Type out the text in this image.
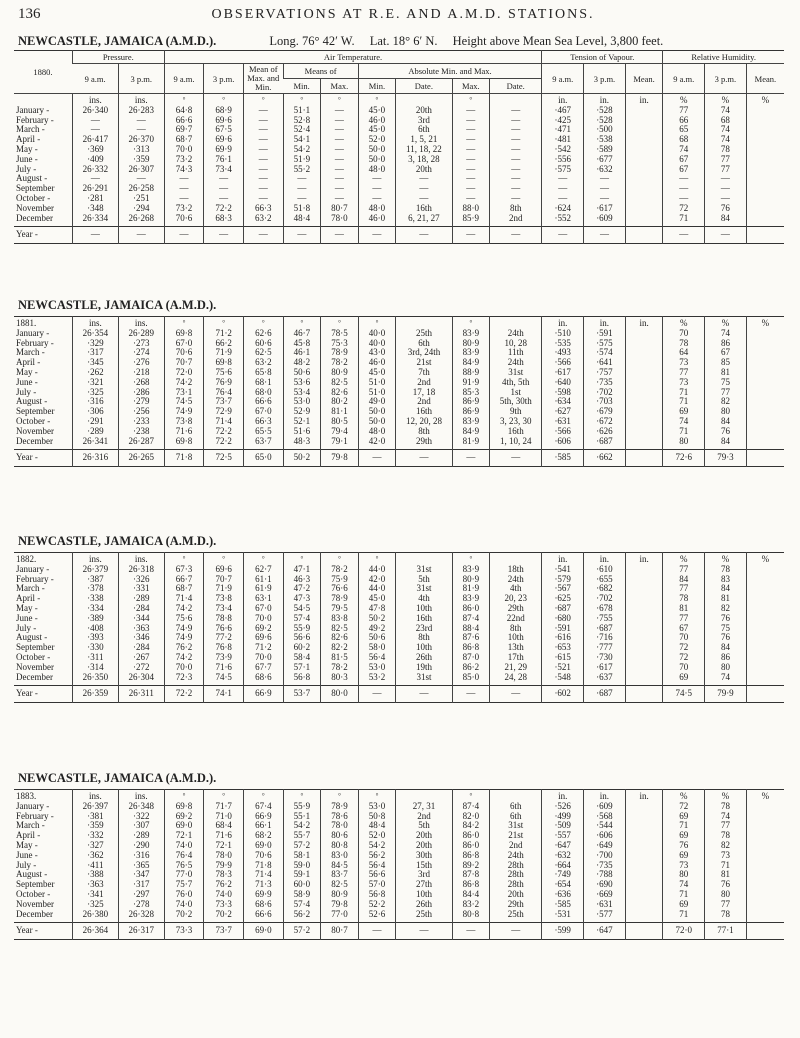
136	OBSERVATIONS AT R.E. AND A.M.D. STATIONS.
NEWCASTLE, JAMAICA (A.M.D.).	Long. 76° 42′ W. Lat. 18° 6′ N. Height above Mean Sea Level, 3,800 feet.
1880.	Pressure.		Air Temperature.									Tension of Vapour.			Relative Humidity.		
	9 a.m.	3 p.m.	9 a.m.	3 p.m.	Mean of Max. and Min.	Means of		Absolute Min. and Max.				9 a.m.	3 p.m.	Mean.	9 a.m.	3 p.m.	Mean.
						Min.	Max.	Min.	Date.	Max.	Date.						
	ins.	ins.	°	°	°	°	°	°		°		in.	in.	in.	%	%	%
January -	26·340	26·283	64·8	68·9	—	51·1	—	45·0	20th	—	—	·467	·528		77	74	
February -	—	—	66·6	69·6	—	52·8	—	46·0	3rd	—	—	·425	·528		66	68	
March -	—	—	69·7	67·5	—	52·4	—	45·0	6th	—	—	·471	·500		65	74	
April -	26·417	26·370	68·7	69·6	—	54·1	—	52·0	1, 5, 21	—	—	·481	·538		68	74	
May -	·369	·313	70·0	69·9	—	54·2	—	50·0	11, 18, 22	—	—	·542	·589		74	78	
June -	·409	·359	73·2	76·1	—	51·9	—	50·0	3, 18, 28	—	—	·556	·677		67	77	
July -	26·332	26·307	74·3	73·4	—	55·2	—	48·0	20th	—	—	·575	·632		67	77	
August -	—	—	—	—	—	—	—	—	—	—	—	—	—		—	—	
September	26·291	26·258	—	—	—	—	—	—	—	—	—	—	—		—	—	
October -	·281	·251	—	—	—	—	—	—	—	—	—	—	—		—	—	
November	·348	·294	73·2	72·2	66·3	51·8	80·7	48·0	16th	88·0	8th	·624	·617		72	76	
December	26·334	26·268	70·6	68·3	63·2	48·4	78·0	46·0	6, 21, 27	85·9	2nd	·552	·609		71	84	
Year -	—	—	—	—	—	—	—	—	—	—	—	—	—		—	—	
NEWCASTLE, JAMAICA (A.M.D.).
1881.	ins.	ins.	°	°	°	°	°	°		°		in.	in.	in.	%	%	%
January -	26·354	26·289	69·8	71·2	62·6	46·7	78·5	40·0	25th	83·9	24th	·510	·591		70	74	
February -	·329	·273	67·0	66·2	60·6	45·8	75·3	40·0	6th	80·9	10, 28	·535	·575		78	86	
March -	·317	·274	70·6	71·9	62·5	46·1	78·9	43·0	3rd, 24th	83·9	11th	·493	·574		64	67	
April -	·345	·276	70·7	69·8	63·2	48·2	78·2	46·0	21st	84·9	24th	·566	·641		73	85	
May -	·262	·218	72·0	75·6	65·8	50·6	80·9	45·0	7th	88·9	31st	·617	·757		77	81	
June -	·321	·268	74·2	76·9	68·1	53·6	82·5	51·0	2nd	91·9	4th, 5th	·640	·735		73	75	
July -	·325	·286	73·1	76·4	68·0	53·4	82·6	51·0	17, 18	85·3	1st	·598	·702		71	77	
August -	·316	·279	74·5	73·7	66·6	53·0	80·2	49·0	2nd	86·9	5th, 30th	·634	·703		71	82	
September	·306	·256	74·9	72·9	67·0	52·9	81·1	50·0	16th	86·9	9th	·627	·679		69	80	
October -	·291	·233	73·8	71·4	66·3	52·1	80·5	50·0	12, 20, 28	83·9	3, 23, 30	·631	·672		74	84	
November	·289	·238	71·6	72·2	65·5	51·6	79·4	48·0	8th	84·9	16th	·566	·626		71	76	
December	26·341	26·287	69·8	72·2	63·7	48·3	79·1	42·0	29th	81·9	1, 10, 24	·606	·687		80	84	
Year -	26·316	26·265	71·8	72·5	65·0	50·2	79·8	—	—	—	—	·585	·662		72·6	79·3	
NEWCASTLE, JAMAICA (A.M.D.).
1882.	ins.	ins.	°	°	°	°	°	°		°		in.	in.	in.	%	%	%
January -	26·379	26·318	67·3	69·6	62·7	47·1	78·2	44·0	31st	83·9	18th	·541	·610		77	78	
February -	·387	·326	66·7	70·7	61·1	46·3	75·9	42·0	5th	80·9	24th	·579	·655		84	83	
March -	·378	·331	68·7	71·9	61·9	47·2	76·6	44·0	31st	81·9	4th	·567	·682		77	84	
April -	·338	·289	71·4	73·8	63·1	47·3	78·9	45·0	4th	83·9	20, 23	·625	·702		78	81	
May -	·334	·284	74·2	73·4	67·0	54·5	79·5	47·8	10th	86·0	29th	·687	·678		81	82	
June -	·389	·344	75·6	78·8	70·0	57·4	83·8	50·2	16th	87·4	22nd	·680	·755		77	76	
July -	·408	·363	74·9	76·6	69·2	55·9	82·5	49·2	23rd	88·4	8th	·591	·687		67	75	
August -	·393	·346	74·9	77·2	69·6	56·6	82·6	50·6	8th	87·6	10th	·616	·716		70	76	
September	·330	·284	76·2	76·8	71·2	60·2	82·2	58·0	10th	86·8	13th	·653	·777		72	84	
October -	·311	·267	74·2	73·9	70·0	58·4	81·5	56·4	26th	87·0	17th	·615	·730		72	86	
November	·314	·272	70·0	71·6	67·7	57·1	78·2	53·0	19th	86·2	21, 29	·521	·617		70	80	
December	26·350	26·304	72·3	74·5	68·6	56·8	80·3	53·2	31st	85·0	24, 28	·548	·637		69	74	
Year -	26·359	26·311	72·2	74·1	66·9	53·7	80·0	—	—	—	—	·602	·687		74·5	79·9	
NEWCASTLE, JAMAICA (A.M.D.).
1883.	ins.	ins.	°	°	°	°	°	°		°		in.	in.	in.	%	%	%
January -	26·397	26·348	69·8	71·7	67·4	55·9	78·9	53·0	27, 31	87·4	6th	·526	·609		72	78	
February -	·381	·322	69·2	71·0	66·9	55·1	78·6	50·8	2nd	82·0	6th	·499	·568		69	74	
March -	·359	·307	69·0	68·4	66·1	54·2	78·0	48·4	5th	84·2	31st	·509	·544		71	77	
April -	·332	·289	72·1	71·6	68·2	55·7	80·6	52·0	20th	86·0	21st	·557	·606		69	78	
May -	·327	·290	74·0	72·1	69·0	57·2	80·8	54·2	20th	86·0	2nd	·647	·649		76	82	
June -	·362	·316	76·4	78·0	70·6	58·1	83·0	56·2	30th	86·8	24th	·632	·700		69	73	
July -	·411	·365	76·5	79·9	71·8	59·0	84·5	56·4	15th	89·2	28th	·664	·735		73	71	
August -	·388	·347	77·0	78·3	71·4	59·1	83·7	56·6	3rd	87·8	28th	·749	·788		80	81	
September	·363	·317	75·7	76·2	71·3	60·0	82·5	57·0	27th	86·8	28th	·654	·690		74	76	
October -	·341	·297	76·0	74·0	69·9	58·9	80·9	56·8	10th	84·4	20th	·636	·669		71	80	
November	·325	·278	74·0	73·3	68·6	57·4	79·8	52·2	26th	83·2	29th	·585	·631		69	77	
December	26·380	26·328	70·2	70·2	66·6	56·2	77·0	52·6	25th	80·8	25th	·531	·577		71	78	
Year -	26·364	26·317	73·3	73·7	69·0	57·2	80·7	—	—	—	—	·599	·647		72·0	77·1	
